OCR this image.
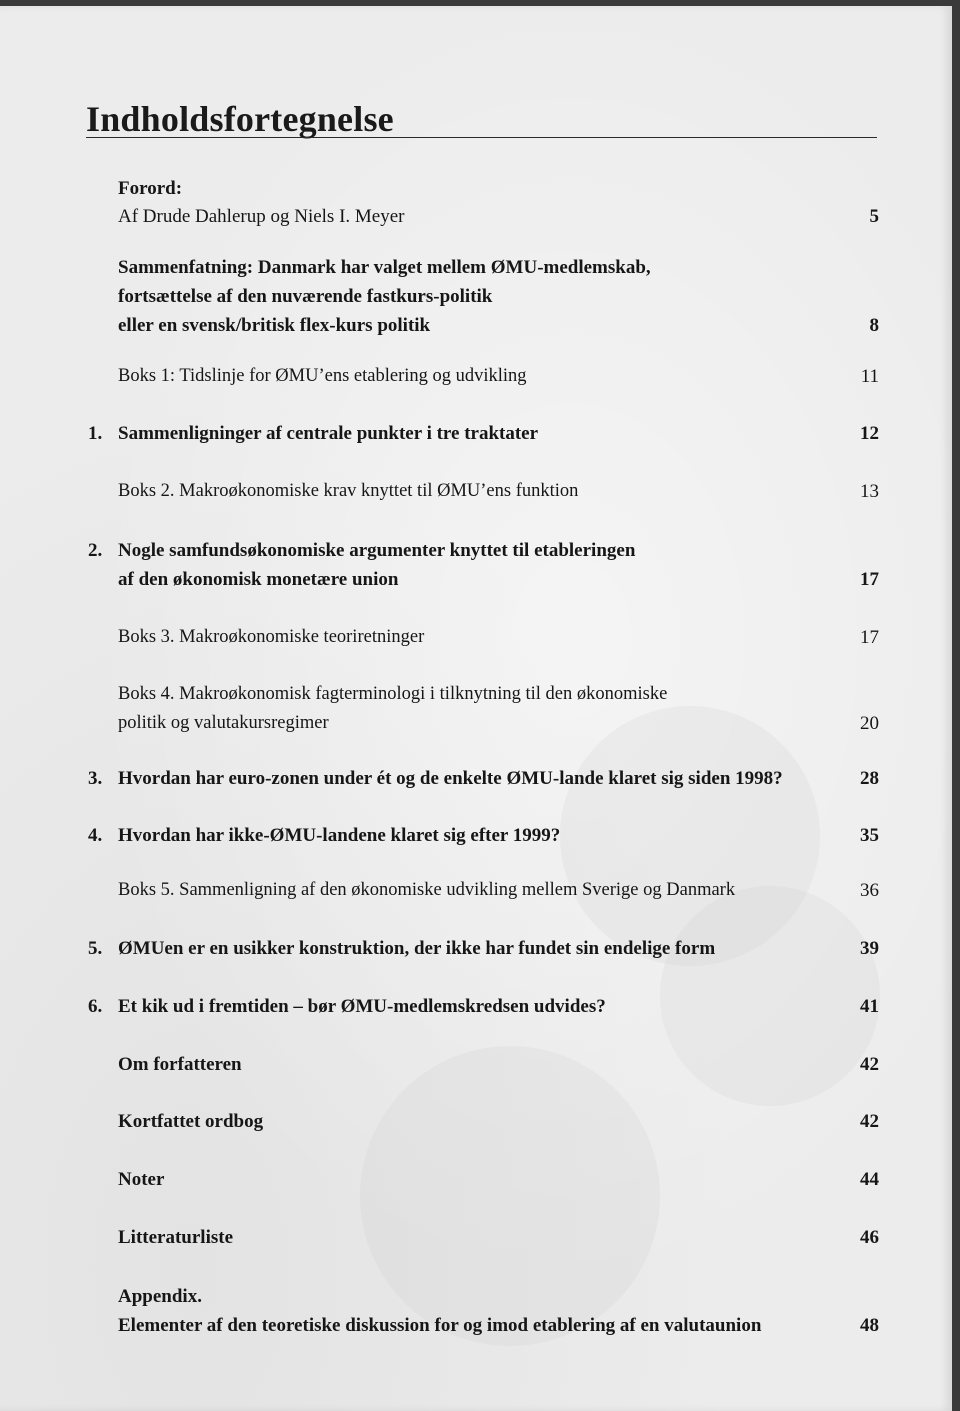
Indholdsfortegnelse
Forord:
Af Drude Dahlerup og Niels I. Meyer	5
Sammenfatning: Danmark har valget mellem ØMU-medlemskab,
fortsættelse af den nuværende fastkurs-politik
eller en svensk/britisk flex-kurs politik	8
Boks 1: Tidslinje for ØMU’ens etablering og udvikling	11
1. Sammenligninger af centrale punkter i tre traktater	12
Boks 2. Makroøkonomiske krav knyttet til ØMU’ens funktion	13
2. Nogle samfundsøkonomiske argumenter knyttet til etableringen
af den økonomisk monetære union	17
Boks 3. Makroøkonomiske teoriretninger	17
Boks 4. Makroøkonomisk fagterminologi i tilknytning til den økonomiske
politik og valutakursregimer	20
3. Hvordan har euro-zonen under ét og de enkelte ØMU-lande klaret sig siden 1998?	28
4. Hvordan har ikke-ØMU-landene klaret sig efter 1999?	35
Boks 5. Sammenligning af den økonomiske udvikling mellem Sverige og Danmark	36
5. ØMUen er en usikker konstruktion, der ikke har fundet sin endelige form	39
6. Et kik ud i fremtiden – bør ØMU-medlemskredsen udvides?	41
Om forfatteren	42
Kortfattet ordbog	42
Noter	44
Litteraturliste	46
Appendix.
Elementer af den teoretiske diskussion for og imod etablering af en valutaunion	48
